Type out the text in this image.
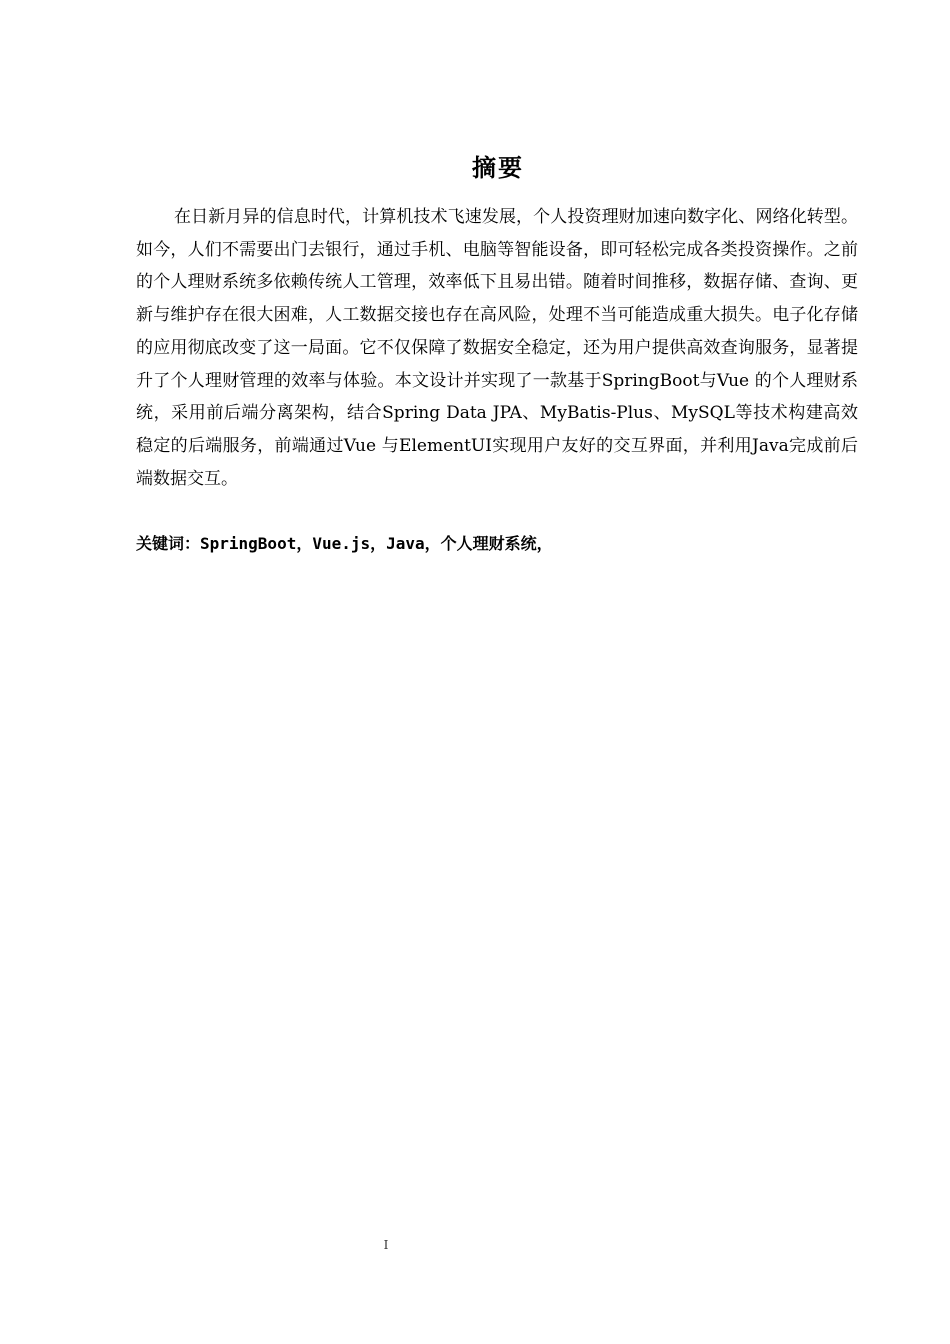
摘要

在日新月异的信息时代，计算机技术飞速发展，个人投资理财加速向数字化、网络化转型。如今，人们不需要出门去银行，通过手机、电脑等智能设备，即可轻松完成各类投资操作。之前的个人理财系统多依赖传统人工管理，效率低下且易出错。随着时间推移，数据存储、查询、更新与维护存在很大困难，人工数据交接也存在高风险，处理不当可能造成重大损失。电子化存储的应用彻底改变了这一局面。它不仅保障了数据安全稳定，还为用户提供高效查询服务，显著提升了个人理财管理的效率与体验。本文设计并实现了一款基于SpringBoot与Vue 的个人理财系统，采用前后端分离架构，结合Spring Data JPA、MyBatis-Plus、MySQL等技术构建高效稳定的后端服务，前端通过Vue 与ElementUI实现用户友好的交互界面，并利用Java完成前后端数据交互。

关键词：SpringBoot，Vue.js，Java，个人理财系统，

I
